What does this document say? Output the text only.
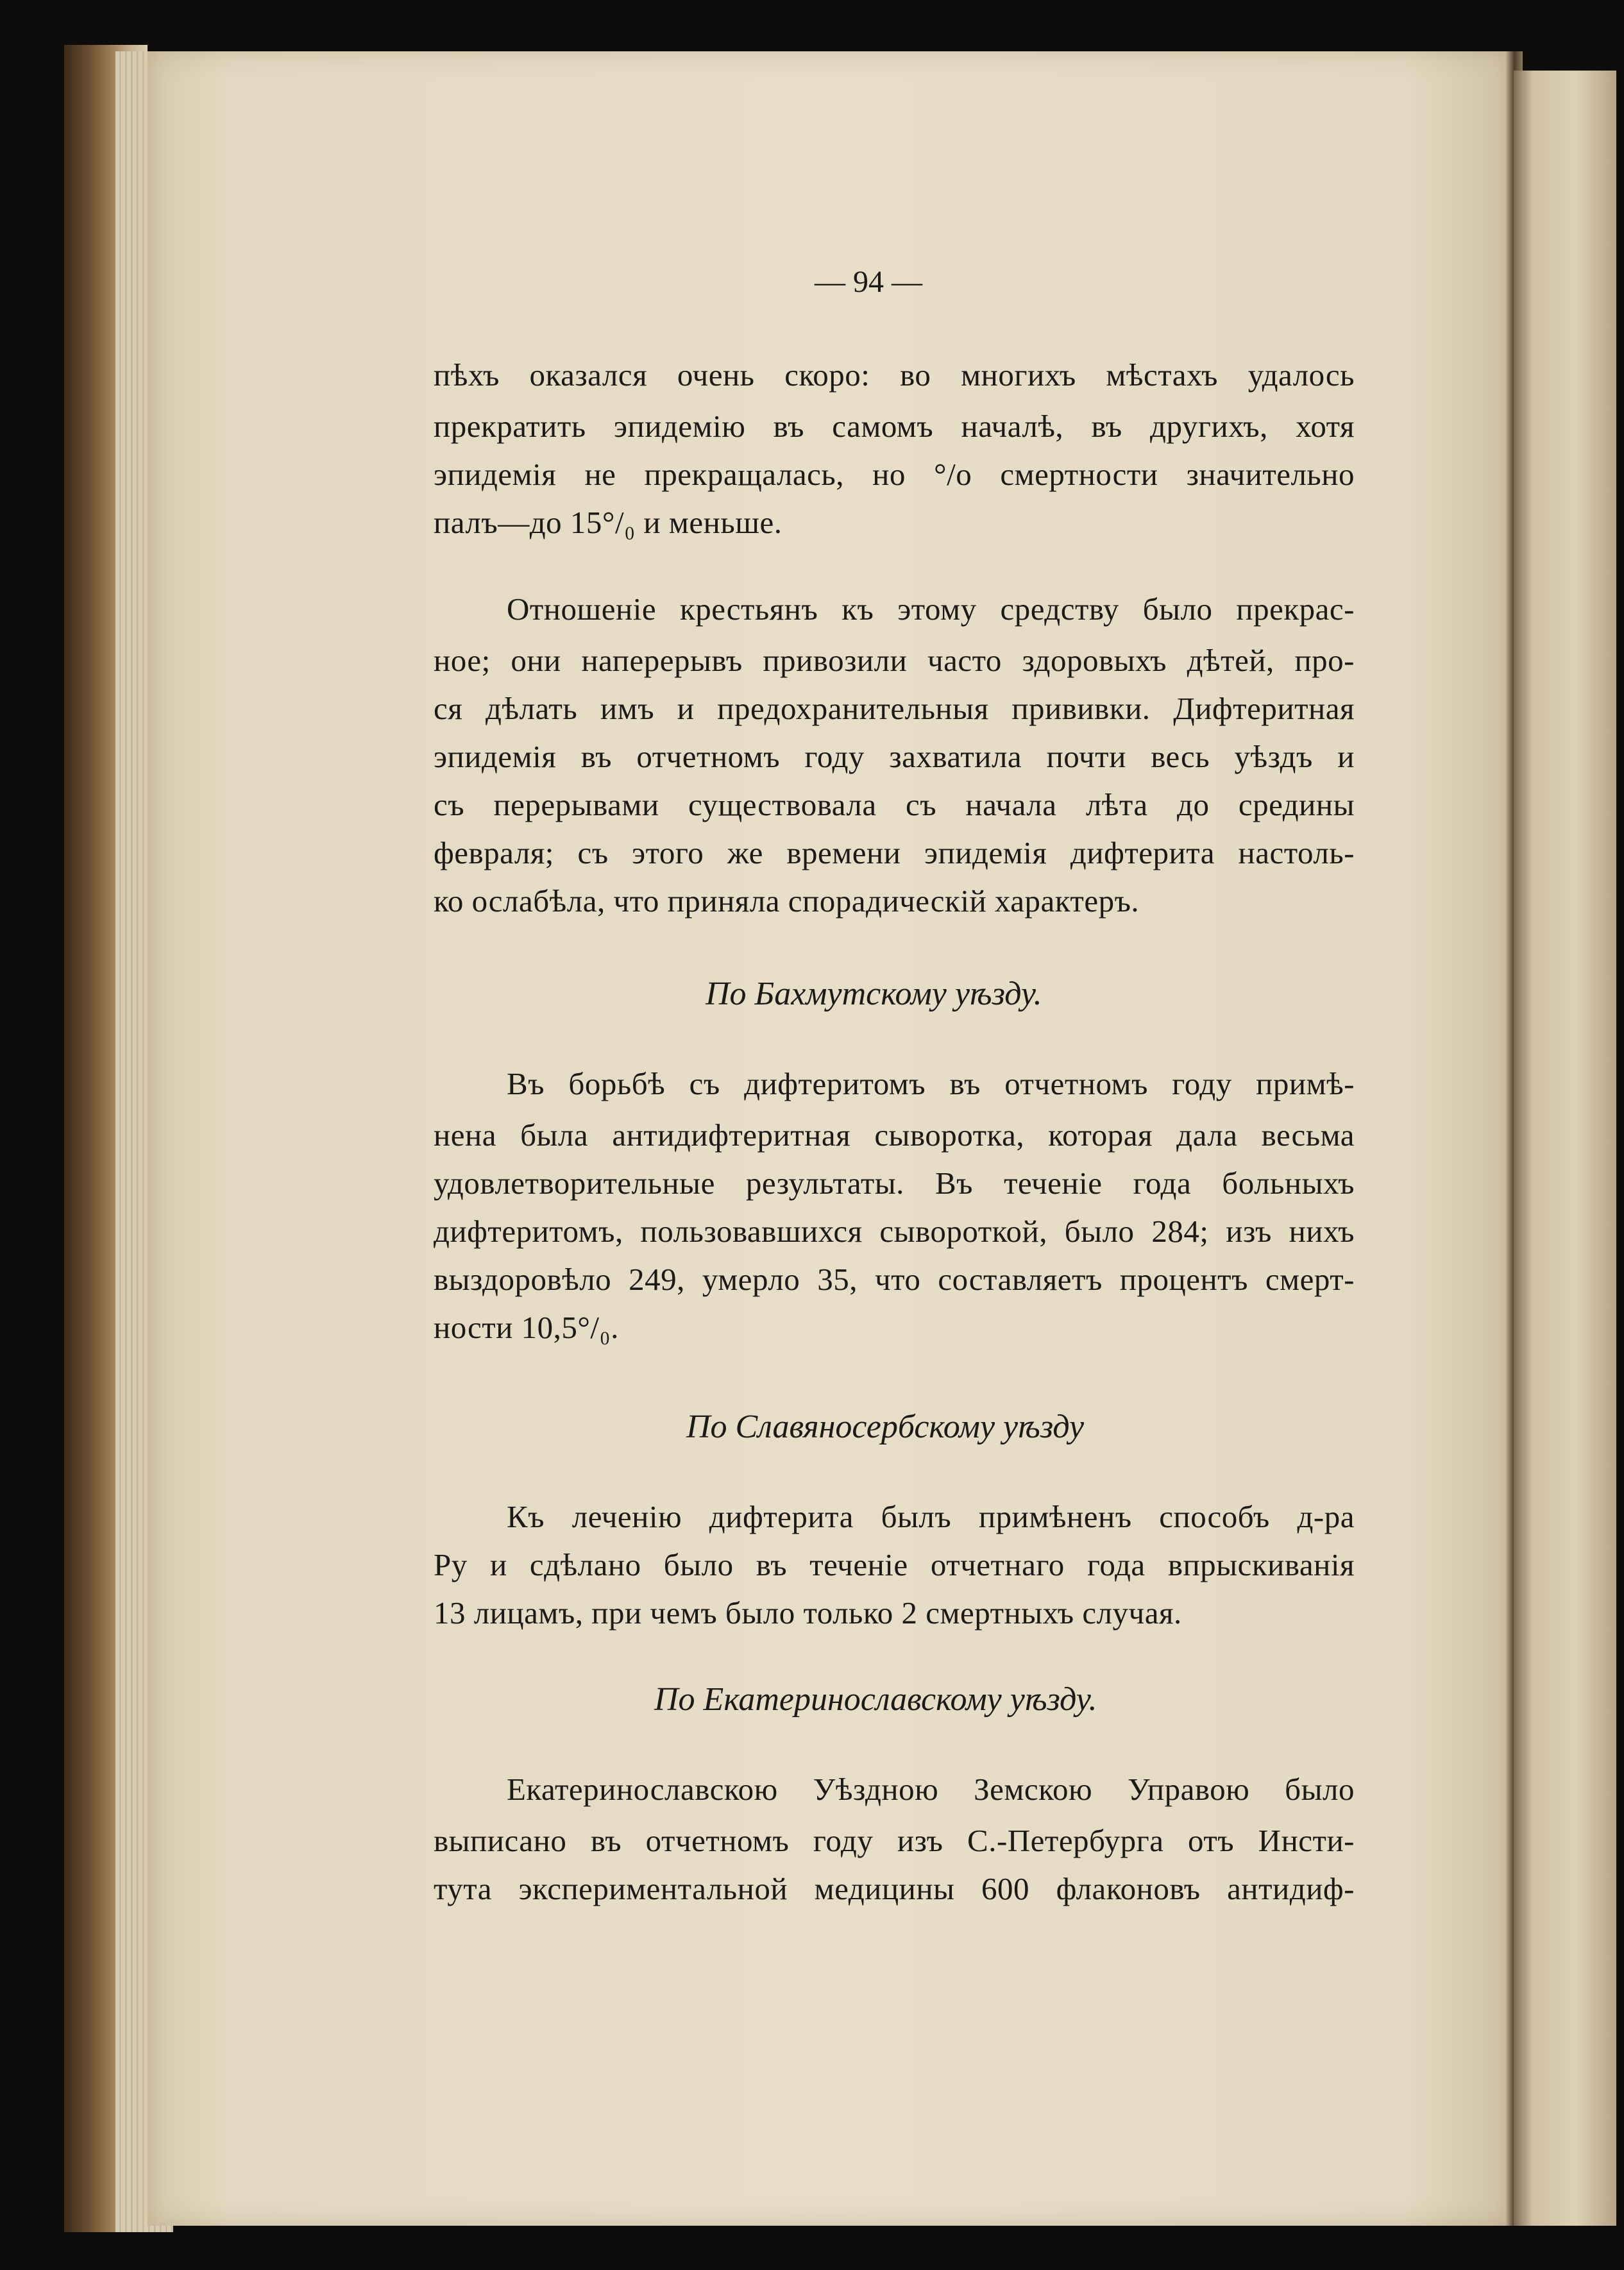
— 94 —
пѣхъ оказался очень скоро: во многихъ мѣстахъ удалось
прекратить эпидемію въ самомъ началѣ, въ другихъ, хотя
эпидемія не прекращалась, но °/о смертности значительно
палъ—до 15°/₀ и меньше.
Отношеніе крестьянъ къ этому средству было прекрас-
ное; они наперерывъ привозили часто здоровыхъ дѣтей, про-
ся дѣлать имъ и предохранительныя прививки. Дифтеритная
эпидемія въ отчетномъ году захватила почти весь уѣздъ и
съ перерывами существовала съ начала лѣта до средины
февраля; съ этого же времени эпидемія дифтерита настоль-
ко ослабѣла, что приняла спорадическій характеръ.
По Бахмутскому уѣзду.
Въ борьбѣ съ дифтеритомъ въ отчетномъ году примѣ-
нена была антидифтеритная сыворотка, которая дала весьма
удовлетворительные результаты. Въ теченіе года больныхъ
дифтеритомъ, пользовавшихся сывороткой, было 284; изъ нихъ
выздоровѣло 249, умерло 35, что составляетъ процентъ смерт-
ности 10,5°/₀.
По Славяносербскому уѣзду
Къ леченію дифтерита былъ примѣненъ способъ д-ра
Ру и сдѣлано было въ теченіе отчетнаго года впрыскиванія
13 лицамъ, при чемъ было только 2 смертныхъ случая.
По Екатеринославскому уѣзду.
Екатеринославскою Уѣздною Земскою Управою было
выписано въ отчетномъ году изъ С.-Петербурга отъ Инсти-
тута экспериментальной медицины 600 флаконовъ антидиф-
